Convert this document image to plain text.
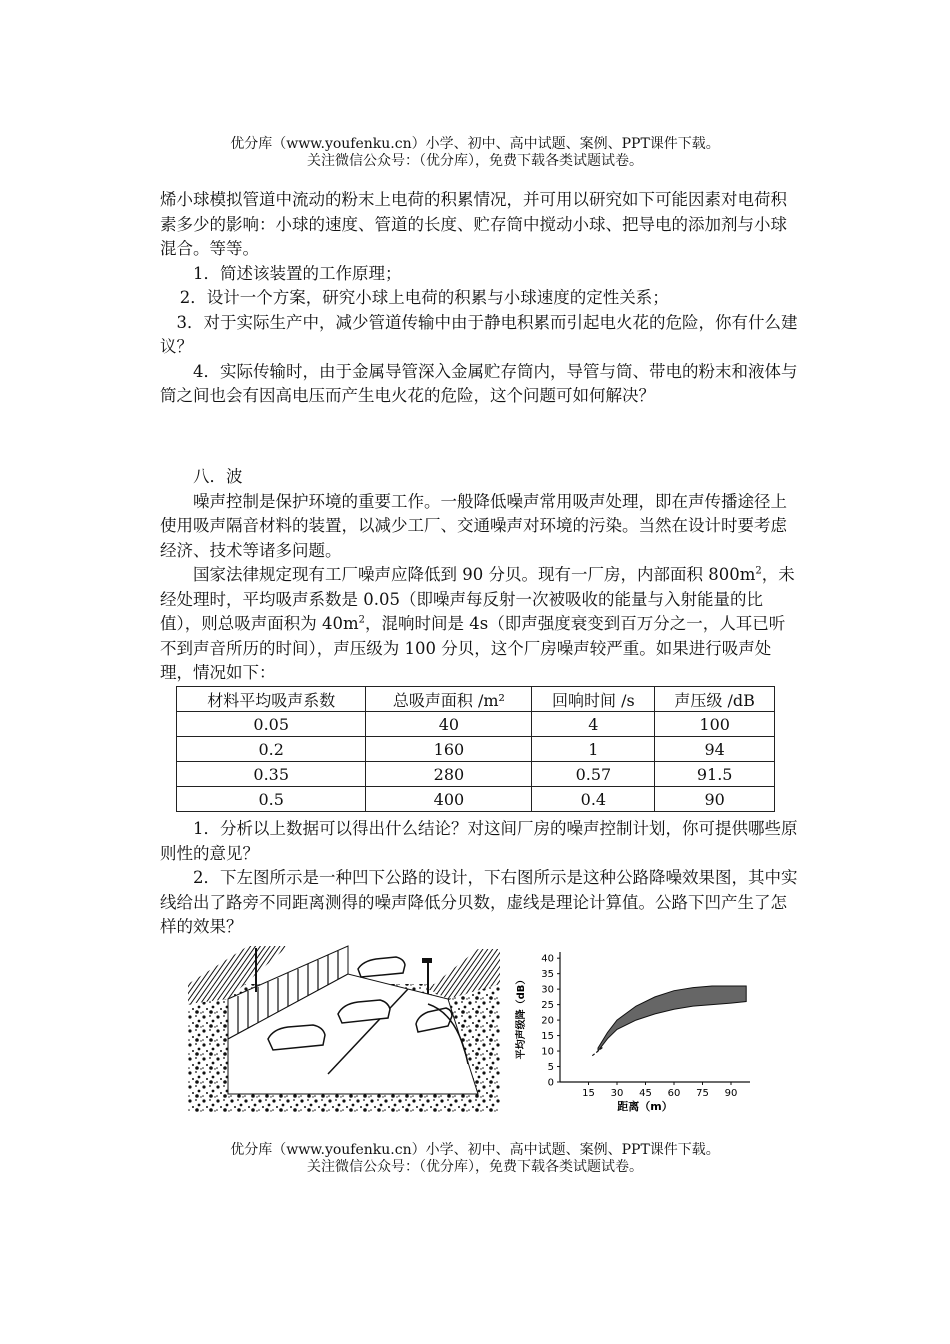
优分库（www.youfenku.cn）小学、初中、高中试题、案例、PPT课件下载。
关注微信公众号：（优分库），免费下载各类试题试卷。

烯小球模拟管道中流动的粉末上电荷的积累情况，并可用以研究如下可能因素对电荷积素多少的影响：小球的速度、管道的长度、贮存筒中搅动小球、把导电的添加剂与小球混合。等等。

1．简述该装置的工作原理；

2．设计一个方案，研究小球上电荷的积累与小球速度的定性关系；

3．对于实际生产中，减少管道传输中由于静电积累而引起电火花的危险，你有什么建议？

4．实际传输时，由于金属导管深入金属贮存筒内，导管与筒、带电的粉末和液体与筒之间也会有因高电压而产生电火花的危险，这个问题可如何解决？

八．波

噪声控制是保护环境的重要工作。一般降低噪声常用吸声处理，即在声传播途径上使用吸声隔音材料的装置，以减少工厂、交通噪声对环境的污染。当然在设计时要考虑经济、技术等诸多问题。

国家法律规定现有工厂噪声应降低到 90 分贝。现有一厂房，内部面积 $800m^2$，未经处理时，平均吸声系数是 0.05（即噪声每反射一次被吸收的能量与入射能量的比值），则总吸声面积为 $40m^2$，混响时间是 4s（即声强度衰变到百万分之一，人耳已听不到声音所历的时间），声压级为 100 分贝，这个厂房噪声较严重。如果进行吸声处理，情况如下：

材料平均吸声系数	总吸声面积 /m²	回响时间 /s	声压级 /dB
0.05	40	4	100
0.2	160	1	94
0.35	280	0.57	91.5
0.5	400	0.4	90

1．分析以上数据可以得出什么结论？对这间厂房的噪声控制计划，你可提供哪些原则性的意见？

2．下左图所示是一种凹下公路的设计，下右图所示是这种公路降噪效果图，其中实线给出了路旁不同距离测得的噪声降低分贝数，虚线是理论计算值。公路下凹产生了怎样的效果？

0
5
10
15
20
25
30
35
40
15 30 45 60 75 90
平均声级降（dB）
距离（m）
优分库（www.youfenku.cn）小学、初中、高中试题、案例、PPT课件下载。
关注微信公众号：（优分库），免费下载各类试题试卷。
